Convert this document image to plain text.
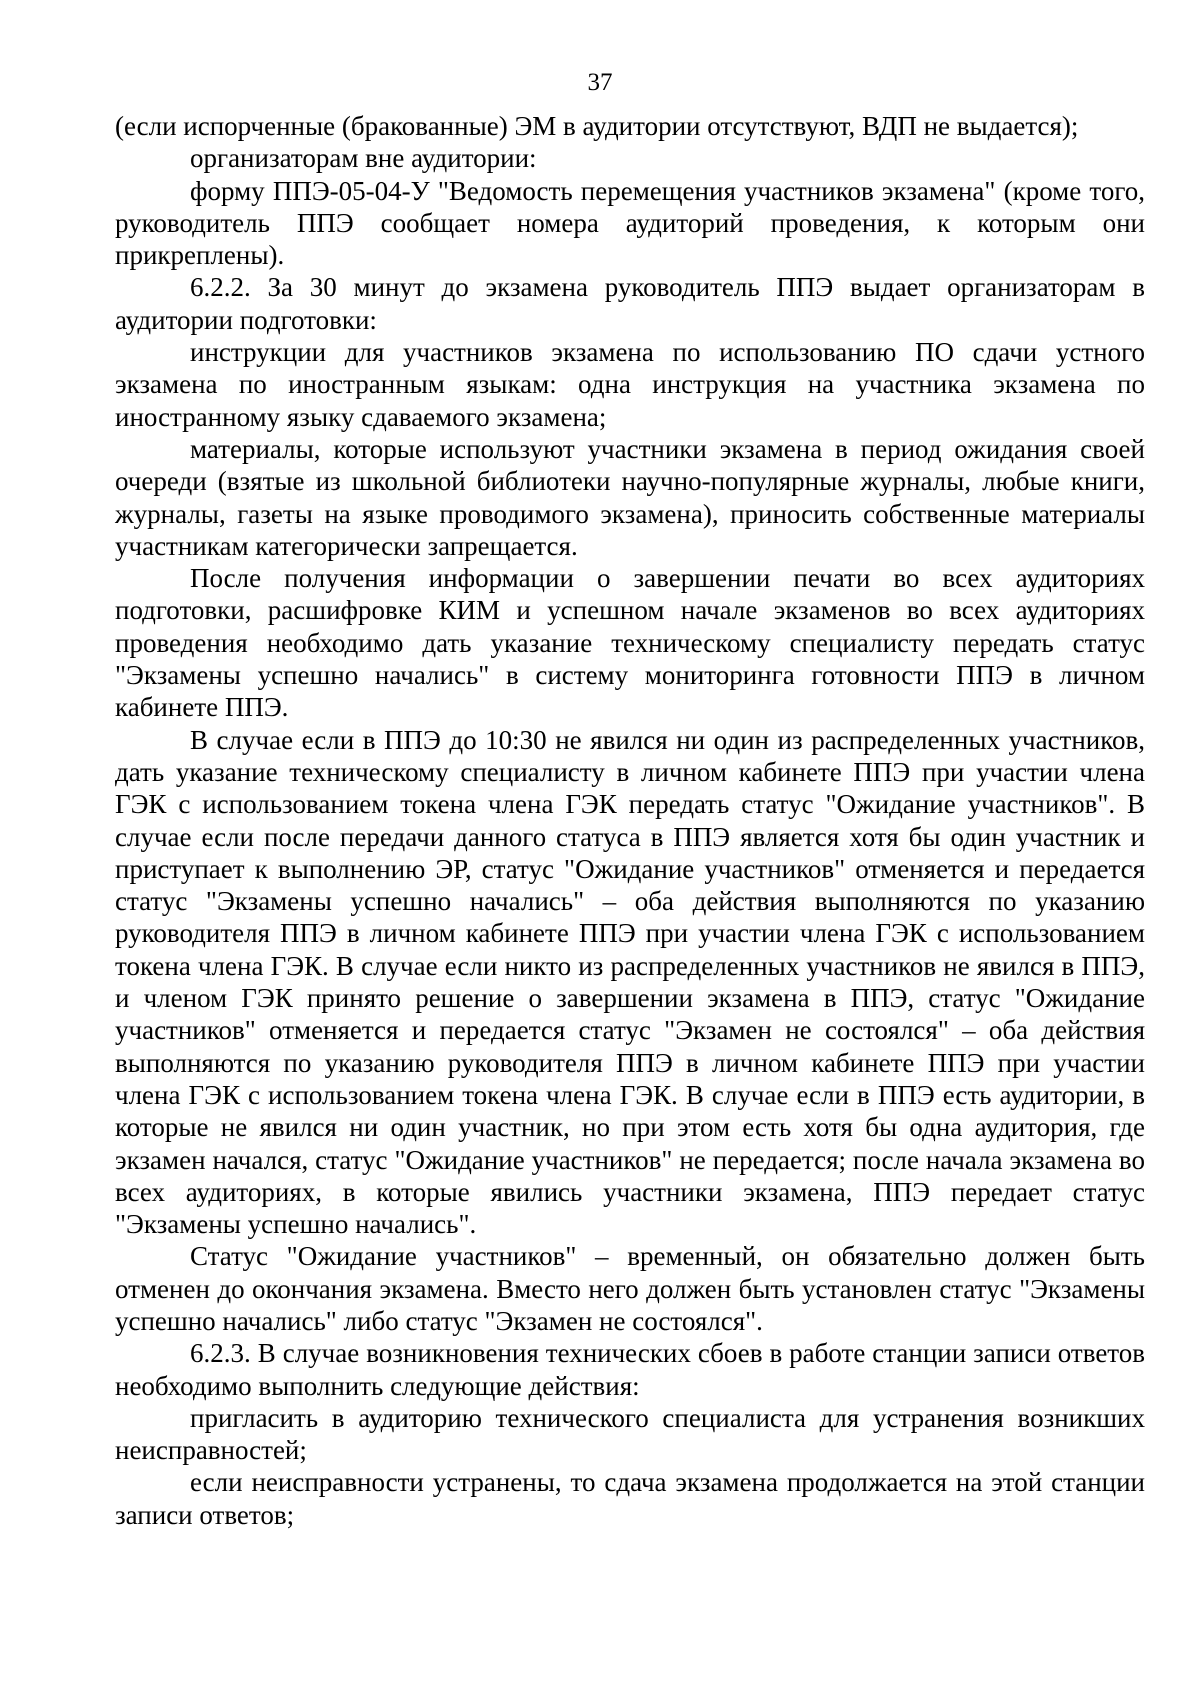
37

(если испорченные (бракованные) ЭМ в аудитории отсутствуют, ВДП не выдается);

организаторам вне аудитории:

форму ППЭ-05-04-У "Ведомость перемещения участников экзамена" (кроме того, руководитель ППЭ сообщает номера аудиторий проведения, к которым они прикреплены).

6.2.2. За 30 минут до экзамена руководитель ППЭ выдает организаторам в аудитории подготовки:

инструкции для участников экзамена по использованию ПО сдачи устного экзамена по иностранным языкам: одна инструкция на участника экзамена по иностранному языку сдаваемого экзамена;

материалы, которые используют участники экзамена в период ожидания своей очереди (взятые из школьной библиотеки научно-популярные журналы, любые книги, журналы, газеты на языке проводимого экзамена), приносить собственные материалы участникам категорически запрещается.

После получения информации о завершении печати во всех аудиториях подготовки, расшифровке КИМ и успешном начале экзаменов во всех аудиториях проведения необходимо дать указание техническому специалисту передать статус "Экзамены успешно начались" в систему мониторинга готовности ППЭ в личном кабинете ППЭ.

В случае если в ППЭ до 10:30 не явился ни один из распределенных участников, дать указание техническому специалисту в личном кабинете ППЭ при участии члена ГЭК с использованием токена члена ГЭК передать статус "Ожидание участников". В случае если после передачи данного статуса в ППЭ является хотя бы один участник и приступает к выполнению ЭР, статус "Ожидание участников" отменяется и передается статус "Экзамены успешно начались" – оба действия выполняются по указанию руководителя ППЭ в личном кабинете ППЭ при участии члена ГЭК с использованием токена члена ГЭК. В случае если никто из распределенных участников не явился в ППЭ, и членом ГЭК принято решение о завершении экзамена в ППЭ, статус "Ожидание участников" отменяется и передается статус "Экзамен не состоялся" – оба действия выполняются по указанию руководителя ППЭ в личном кабинете ППЭ при участии члена ГЭК с использованием токена члена ГЭК. В случае если в ППЭ есть аудитории, в которые не явился ни один участник, но при этом есть хотя бы одна аудитория, где экзамен начался, статус "Ожидание участников" не передается; после начала экзамена во всех аудиториях, в которые явились участники экзамена, ППЭ передает статус "Экзамены успешно начались".

Статус "Ожидание участников" – временный, он обязательно должен быть отменен до окончания экзамена. Вместо него должен быть установлен статус "Экзамены успешно начались" либо статус "Экзамен не состоялся".

6.2.3. В случае возникновения технических сбоев в работе станции записи ответов необходимо выполнить следующие действия:

пригласить в аудиторию технического специалиста для устранения возникших неисправностей;

если неисправности устранены, то сдача экзамена продолжается на этой станции записи ответов;
